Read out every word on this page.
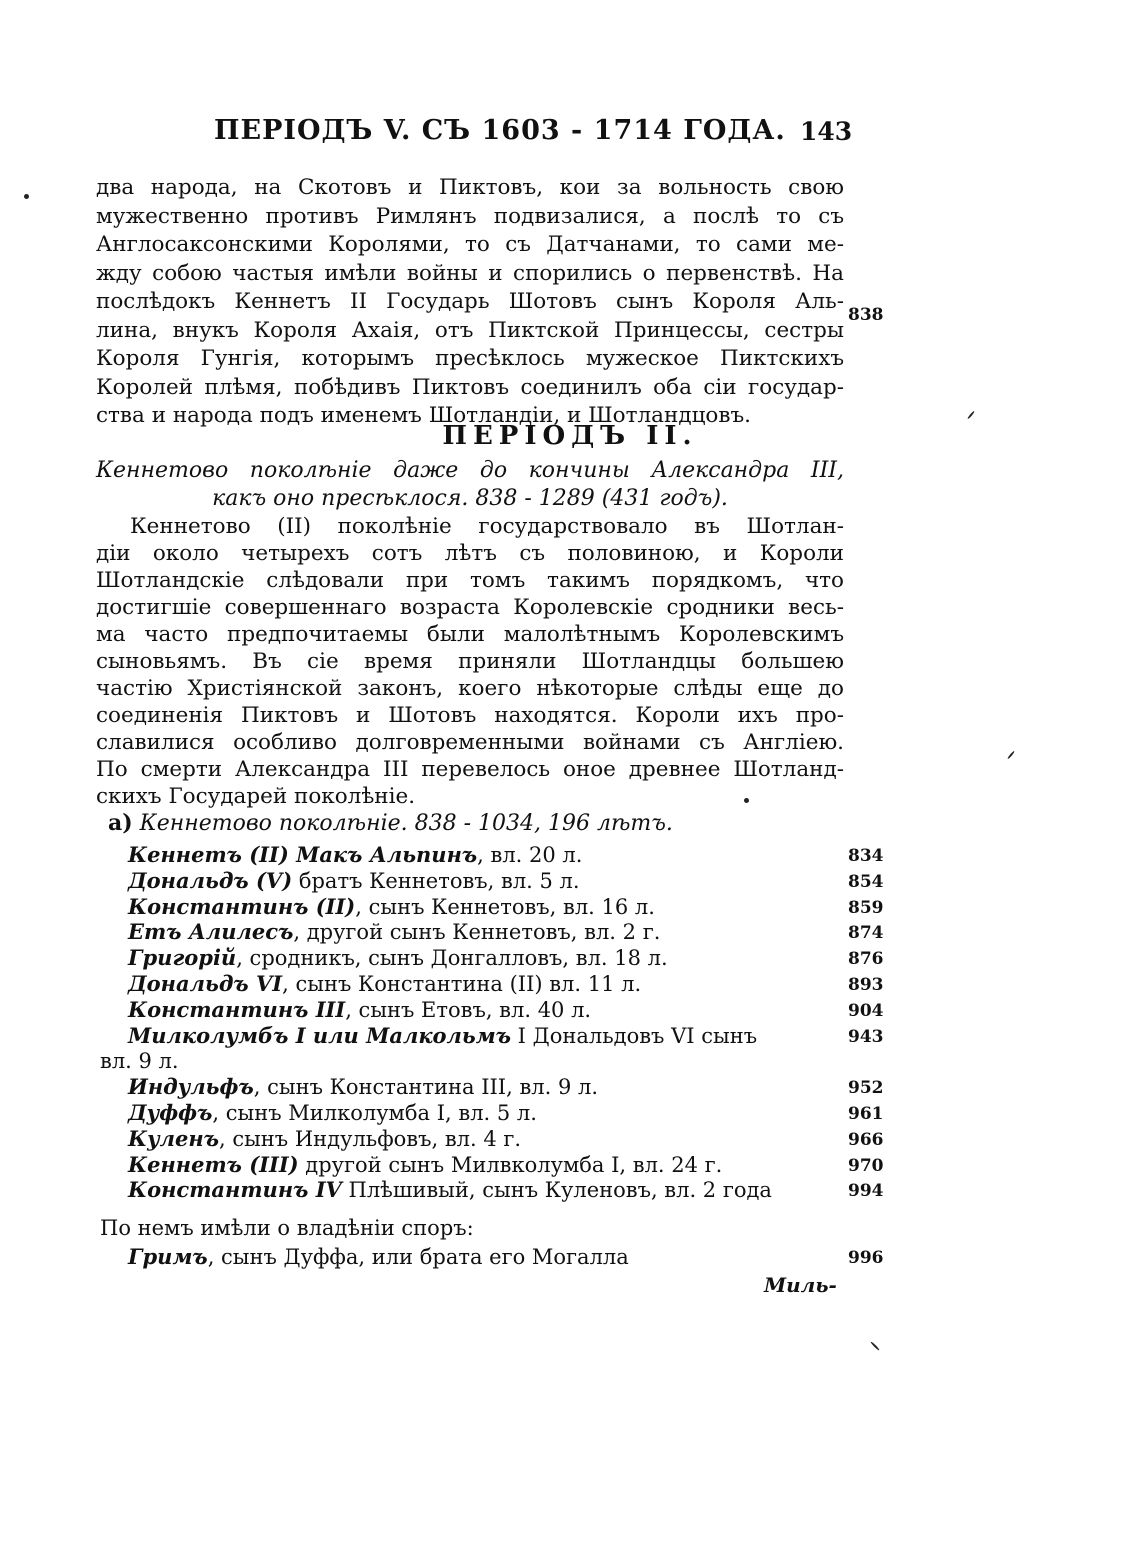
ПЕРІОДЪ V. СЪ 1603 - 1714 ГОДА. 143
два народа, на Скотовъ и Пиктовъ, кои за вольность свою
мужественно противъ Римлянъ подвизалися, а послѣ то съ
Англосаксонскими Королями, то съ Датчанами, то сами ме-
жду собою частыя имѣли войны и спорились о первенствѣ. На
послѣдокъ Кеннетъ II Государь Шотовъ сынъ Короля Аль-
лина, внукъ Короля Ахаія, отъ Пиктской Принцессы, сестры
Короля Гунгія, которымъ пресѣклось мужеское Пиктскихъ
Королей плѣмя, побѣдивъ Пиктовъ соединилъ оба сіи государ-
ства и народа подъ именемъ Шотландіи, и Шотландцовъ.
838
ПЕРІОДЪ II.
Кеннетово поколѣніе даже до кончины Александра III,
какъ оно пресѣклося. 838 - 1289 (431 годъ).
Кеннетово (II) поколѣніе государствовало въ Шотлан-
діи около четырехъ сотъ лѣтъ съ половиною, и Короли
Шотландскіе слѣдовали при томъ такимъ порядкомъ, что
достигшіе совершеннаго возраста Королевскіе сродники весь-
ма часто предпочитаемы были малолѣтнымъ Королевскимъ
сыновьямъ. Въ сіе время приняли Шотландцы большею
частію Христіянской законъ, коего нѣкоторые слѣды еще до
соединенія Пиктовъ и Шотовъ находятся. Короли ихъ про-
славилися особливо долговременными войнами съ Англіею.
По смерти Александра III перевелось оное древнее Шотланд-
скихъ Государей поколѣніе.
a) Кеннетово поколѣніе. 838 - 1034, 196 лѣтъ.
Кеннетъ (II) Макъ Альпинъ, вл. 20 л.	834
Дональдъ (V) братъ Кеннетовъ, вл. 5 л.	854
Константинъ (II), сынъ Кеннетовъ, вл. 16 л.	859
Етъ Алилесъ, другой сынъ Кеннетовъ, вл. 2 г.	874
Григорій, сродникъ, сынъ Донгалловъ, вл. 18 л.	876
Дональдъ VI, сынъ Константина (II) вл. 11 л.	893
Константинъ III, сынъ Етовъ, вл. 40 л.	904
Милколумбъ I или Малкольмъ I Дональдовъ VI сынъ	943
вл. 9 л.
Индульфъ, сынъ Константина III, вл. 9 л.	952
Дуффъ, сынъ Милколумба I, вл. 5 л.	961
Куленъ, сынъ Индульфовъ, вл. 4 г.	966
Кеннетъ (III) другой сынъ Милвколумба I, вл. 24 г.	970
Константинъ IV Плѣшивый, сынъ Куленовъ, вл. 2 года	994
По немъ имѣли о владѣніи споръ:
Гримъ, сынъ Дуффа, или брата его Могалла	996
Миль-
